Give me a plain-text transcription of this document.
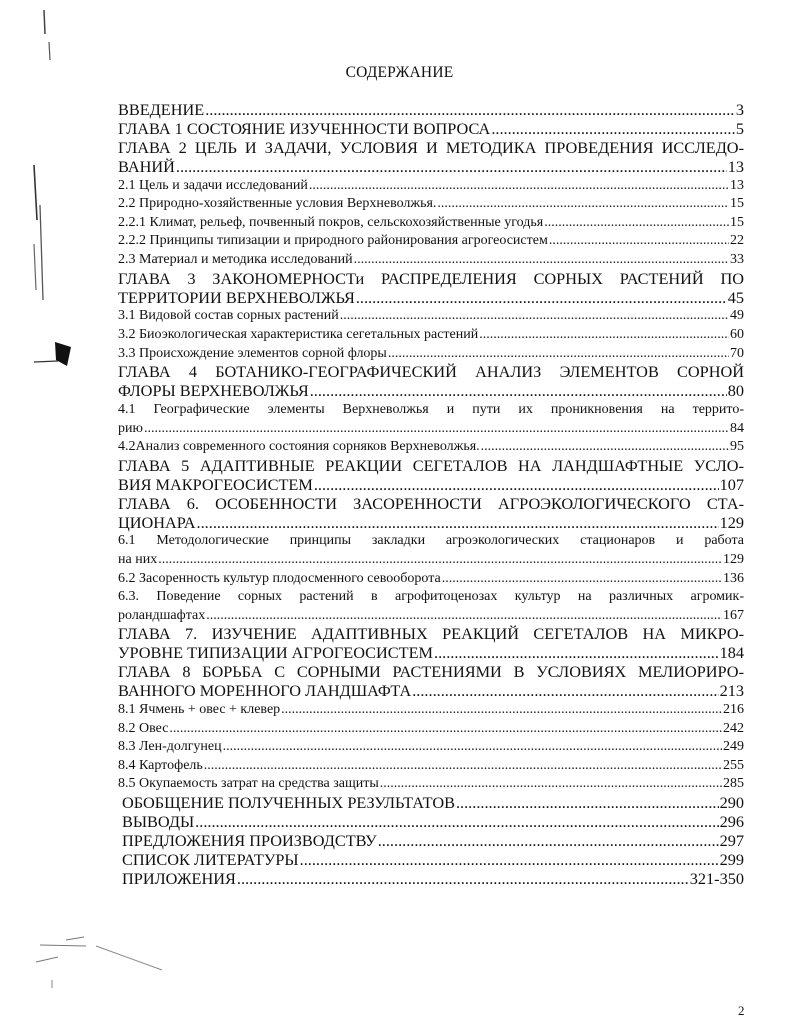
СОДЕРЖАНИЕ
ВВЕДЕНИЕ .....	3
ГЛАВА 1 СОСТОЯНИЕ ИЗУЧЕННОСТИ ВОПРОСА .....	5
ГЛАВА 2 ЦЕЛЬ И ЗАДАЧИ, УСЛОВИЯ И МЕТОДИКА ПРОВЕДЕНИЯ ИССЛЕДО-
ВАНИЙ .....	13
2.1 Цель и задачи исследований .....	13
2.2 Природно-хозяйственные условия Верхневолжья. .....	15
2.2.1 Климат, рельеф, почвенный покров, сельскохозяйственные угодья .....	15
2.2.2 Принципы типизации и природного районирования агрогеосистем .....	22
2.3 Материал и методика исследований .....	33
ГЛАВА 3 ЗАКОНОМЕРНОСТи РАСПРЕДЕЛЕНИЯ СОРНЫХ РАСТЕНИЙ ПО
ТЕРРИТОРИИ ВЕРХНЕВОЛЖЬЯ .....	45
3.1 Видовой состав сорных растений .....	49
3.2 Биоэкологическая характеристика сегетальных растений .....	60
3.3 Происхождение элементов сорной флоры .....	70
ГЛАВА 4 БОТАНИКО-ГЕОГРАФИЧЕСКИЙ АНАЛИЗ ЭЛЕМЕНТОВ СОРНОЙ
ФЛОРЫ ВЕРХНЕВОЛЖЬЯ .....	80
4.1 Географические элементы Верхневолжья и пути их проникновения на террито-
рию .....	84
4.2Анализ современного состояния сорняков Верхневолжья. .....	95
ГЛАВА 5 АДАПТИВНЫЕ РЕАКЦИИ СЕГЕТАЛОВ НА ЛАНДШАФТНЫЕ УСЛО-
ВИЯ МАКРОГЕОСИСТЕМ .....	107
ГЛАВА 6. ОСОБЕННОСТИ ЗАСОРЕННОСТИ АГРОЭКОЛОГИЧЕСКОГО СТА-
ЦИОНАРА .....	129
6.1 Методологические принципы закладки агроэкологических стационаров и работа
на них .....	129
6.2 Засоренность культур плодосменного севооборота .....	136
6.3. Поведение сорных растений в агрофитоценозах культур на различных агромик-
роландшафтах .....	167
ГЛАВА 7. ИЗУЧЕНИЕ АДАПТИВНЫХ РЕАКЦИЙ СЕГЕТАЛОВ НА МИКРО-
УРОВНЕ ТИПИЗАЦИИ АГРОГЕОСИСТЕМ .....	184
ГЛАВА 8 БОРЬБА С СОРНЫМИ РАСТЕНИЯМИ В УСЛОВИЯХ МЕЛИОРИРО-
ВАННОГО МОРЕННОГО ЛАНДШАФТА .....	213
8.1 Ячмень + овес + клевер .....	216
8.2 Овес .....	242
8.3 Лен-долгунец .....	249
8.4 Картофель .....	255
8.5 Окупаемость затрат на средства защиты .....	285
ОБОБЩЕНИЕ ПОЛУЧЕННЫХ РЕЗУЛЬТАТОВ .....	290
ВЫВОДЫ .....	296
ПРЕДЛОЖЕНИЯ ПРОИЗВОДСТВУ .....	297
СПИСОК ЛИТЕРАТУРЫ .....	299
ПРИЛОЖЕНИЯ .....	321-350
2
